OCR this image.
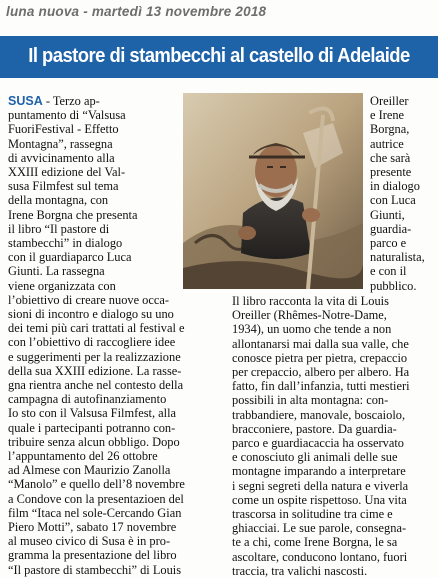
luna nuova - martedì 13 novembre 2018
Il pastore di stambecchi al castello di Adelaide
SUSA - Terzo ap-
puntamento di “Valsusa
FuoriFestival - Effetto
Montagna”, rassegna
di avvicinamento alla
XXIII edizione del Val-
susa Filmfest sul tema
della montagna, con
Irene Borgna che presenta
il libro “Il pastore di
stambecchi” in dialogo
con il guardiaparco Luca
Giunti. La rassegna
viene organizzata con
l’obiettivo di creare nuove occa-
sioni di incontro e dialogo su uno
dei temi più cari trattati al festival e
con l’obiettivo di raccogliere idee
e suggerimenti per la realizzazione
della sua XXIII edizione. La rasse-
gna rientra anche nel contesto della
campagna di autofinanziamento
Io sto con il Valsusa Filmfest, alla
quale i partecipanti potranno con-
tribuire senza alcun obbligo. Dopo
l’appuntamento del 26 ottobre
ad Almese con Maurizio Zanolla
“Manolo” e quello dell’8 novembre
a Condove con la presentazioen del
film “Itaca nel sole-Cercando Gian
Piero Motti”, sabato 17 novembre
al museo civico di Susa è in pro-
gramma la presentazione del libro
“Il pastore di stambecchi” di Louis
Oreiller
e Irene
Borgna,
autrice
che sarà
presente
in dialogo
con Luca
Giunti,
guardia-
parco e
naturalista,
e con il
pubblico.
Il libro racconta la vita di Louis
Oreiller (Rhêmes-Notre-Dame,
1934), un uomo che tende a non
allontanarsi mai dalla sua valle, che
conosce pietra per pietra, crepaccio
per crepaccio, albero per albero. Ha
fatto, fin dall’infanzia, tutti mestieri
possibili in alta montagna: con-
trabbandiere, manovale, boscaiolo,
bracconiere, pastore. Da guardia-
parco e guardiacaccia ha osservato
e conosciuto gli animali delle sue
montagne imparando a interpretare
i segni segreti della natura e viverla
come un ospite rispettoso. Una vita
trascorsa in solitudine tra cime e
ghiacciai. Le sue parole, consegna-
te a chi, come Irene Borgna, le sa
ascoltare, conducono lontano, fuori
traccia, tra valichi nascosti.
